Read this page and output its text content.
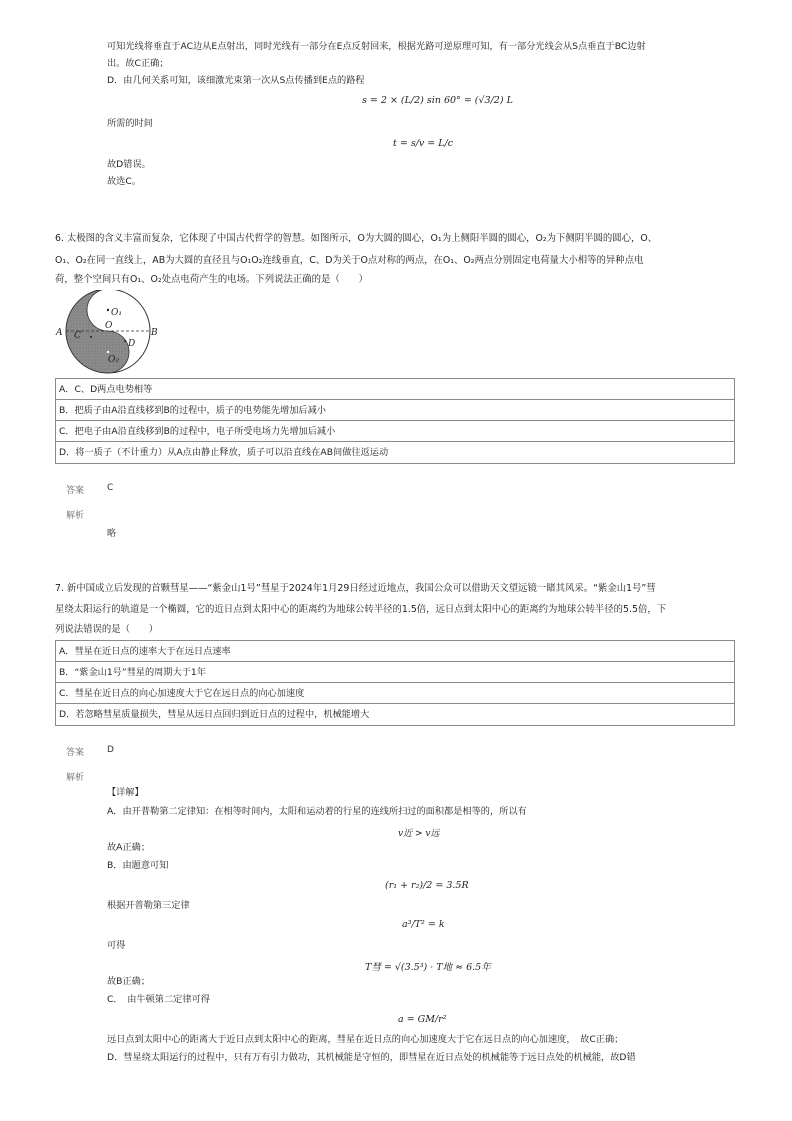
可知光线将垂直于AC边从E点射出，同时光线有一部分在E点反射回来，根据光路可逆原理可知，有一部分光线会从S点垂直于BC边射
出。故C正确；
D．由几何关系可知，该细激光束第一次从S点传播到E点的路程
s = 2 × (L/2) sin 60° = (√3/2) L
所需的时间
t = s/v = L/c
故D错误。
故选C。
6. 太极图的含义丰富而复杂，它体现了中国古代哲学的智慧。如图所示，O为大圆的圆心，O₁为上侧阳半圆的圆心，O₂为下侧阴半圆的圆心，O、
O₁、O₂在同一直线上，AB为大圆的直径且与O₁O₂连线垂直，C、D为关于O点对称的两点，在O₁、O₂两点分别固定电荷量大小相等的异种点电
荷，整个空间只有O₁、O₂处点电荷产生的电场。下列说法正确的是（　　）
O₁
O
O₂
A	B
C
D
A．C、D两点电势相等
B．把质子由A沿直线移到B的过程中，质子的电势能先增加后减小
C．把电子由A沿直线移到B的过程中，电子所受电场力先增加后减小
D．将一质子（不计重力）从A点由静止释放，质子可以沿直线在AB间做往返运动
答案	C
解析
略
7. 新中国成立后发现的首颗彗星——“紫金山1号”彗星于2024年1月29日经过近地点，我国公众可以借助天文望远镜一睹其风采。“紫金山1号”彗
星绕太阳运行的轨道是一个椭圆，它的近日点到太阳中心的距离约为地球公转半径的1.5倍，远日点到太阳中心的距离约为地球公转半径的5.5倍，下
列说法错误的是（　　）
A．彗星在近日点的速率大于在远日点速率
B．“紫金山1号”彗星的周期大于1年
C．彗星在近日点的向心加速度大于它在远日点的向心加速度
D．若忽略彗星质量损失，彗星从远日点回归到近日点的过程中，机械能增大
答案	D
解析
【详解】
A．由开普勒第二定律知：在相等时间内，太阳和运动着的行星的连线所扫过的面积都是相等的，所以有
v近 > v远
故A正确；
B．由题意可知
(r₁ + r₂)/2 = 3.5R
根据开普勒第三定律
a³/T² = k
可得
T彗 = √(3.5³) · T地 ≈ 6.5年
故B正确；
C．　由牛顿第二定律可得
a = GM/r²
远日点到太阳中心的距离大于近日点到太阳中心的距离，彗星在近日点的向心加速度大于它在远日点的向心加速度，　故C正确；
D．彗星绕太阳运行的过程中，只有万有引力做功，其机械能是守恒的，即彗星在近日点处的机械能等于远日点处的机械能，故D错
